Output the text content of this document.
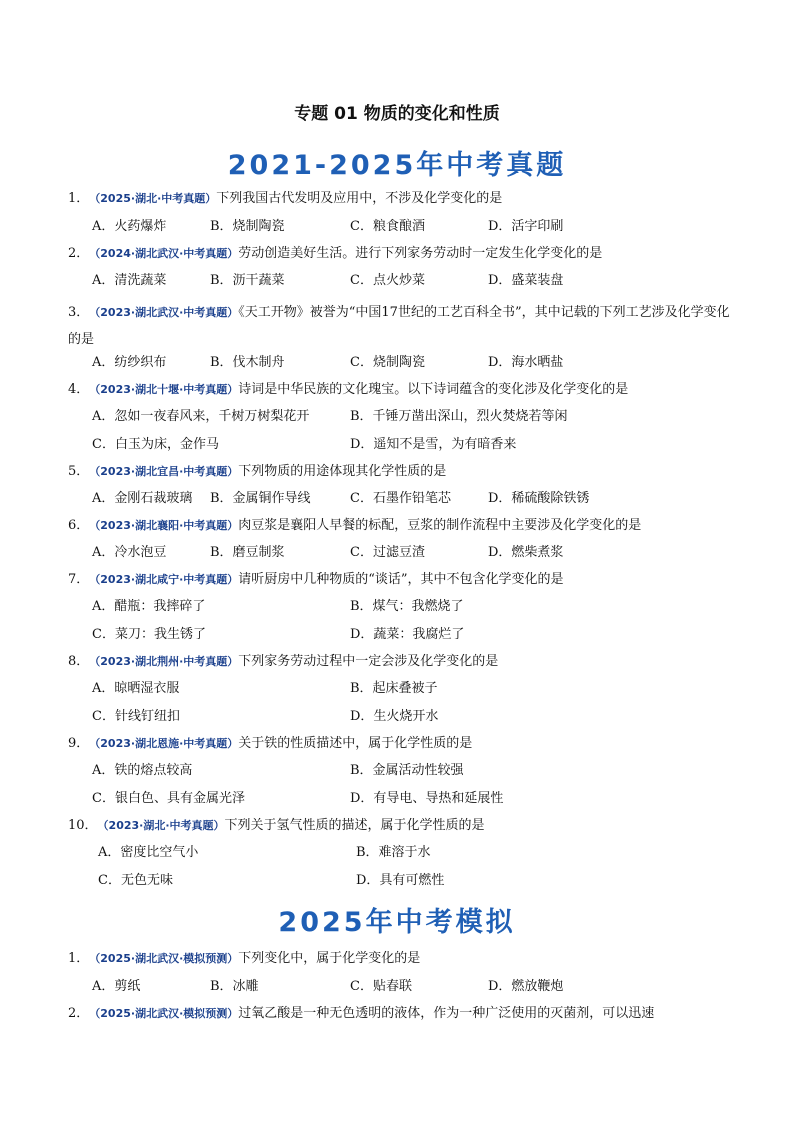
专题 01 物质的变化和性质
2021-2025年中考真题
1．（2025·湖北·中考真题）下列我国古代发明及应用中，不涉及化学变化的是
A．火药爆炸	B．烧制陶瓷	C．粮食酿酒	D．活字印刷
2．（2024·湖北武汉·中考真题）劳动创造美好生活。进行下列家务劳动时一定发生化学变化的是
A．清洗蔬菜	B．沥干蔬菜	C．点火炒菜	D．盛菜装盘
3．（2023·湖北武汉·中考真题）《天工开物》被誉为“中国17世纪的工艺百科全书”，其中记载的下列工艺涉及化学变化的是
A．纺纱织布	B．伐木制舟	C．烧制陶瓷	D．海水晒盐
4．（2023·湖北十堰·中考真题）诗词是中华民族的文化瑰宝。以下诗词蕴含的变化涉及化学变化的是
A．忽如一夜春风来，千树万树梨花开	B．千锤万凿出深山，烈火焚烧若等闲
C．白玉为床，金作马	D．遥知不是雪，为有暗香来
5．（2023·湖北宜昌·中考真题）下列物质的用途体现其化学性质的是
A．金刚石裁玻璃 B．金属铜作导线	C．石墨作铅笔芯	D．稀硫酸除铁锈
6．（2023·湖北襄阳·中考真题）肉豆浆是襄阳人早餐的标配，豆浆的制作流程中主要涉及化学变化的是
A．冷水泡豆	B．磨豆制浆	C．过滤豆渣	D．燃柴煮浆
7．（2023·湖北咸宁·中考真题）请听厨房中几种物质的“谈话”，其中不包含化学变化的是
A．醋瓶：我摔碎了	B．煤气：我燃烧了
C．菜刀：我生锈了	D．蔬菜：我腐烂了
8．（2023·湖北荆州·中考真题）下列家务劳动过程中一定会涉及化学变化的是
A．晾晒湿衣服	B．起床叠被子
C．针线钉纽扣	D．生火烧开水
9．（2023·湖北恩施·中考真题）关于铁的性质描述中，属于化学性质的是
A．铁的熔点较高	B．金属活动性较强
C．银白色、具有金属光泽	D．有导电、导热和延展性
10．（2023·湖北·中考真题）下列关于氢气性质的描述，属于化学性质的是
A．密度比空气小	B．难溶于水
C．无色无味	D．具有可燃性
2025年中考模拟
1．（2025·湖北武汉·模拟预测）下列变化中，属于化学变化的是
A．剪纸	B．冰雕	C．贴春联	D．燃放鞭炮
2．（2025·湖北武汉·模拟预测）过氧乙酸是一种无色透明的液体，作为一种广泛使用的灭菌剂，可以迅速
